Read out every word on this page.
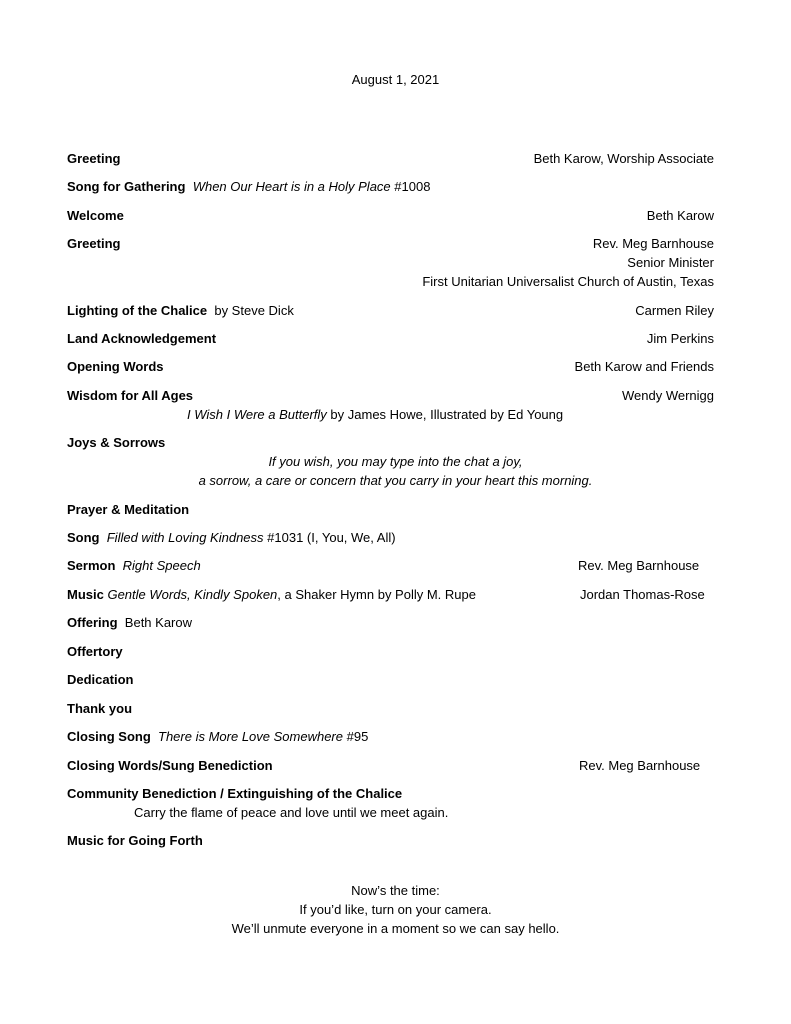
August 1, 2021
Greeting	Beth Karow, Worship Associate
Song for Gathering When Our Heart is in a Holy Place #1008
Welcome	Beth Karow
Greeting	Rev. Meg Barnhouse
Senior Minister
First Unitarian Universalist Church of Austin, Texas
Lighting of the Chalice by Steve Dick	Carmen Riley
Land Acknowledgement	Jim Perkins
Opening Words	Beth Karow and Friends
Wisdom for All Ages	Wendy Wernigg
I Wish I Were a Butterfly by James Howe, Illustrated by Ed Young
Joys & Sorrows
If you wish, you may type into the chat a joy,
a sorrow, a care or concern that you carry in your heart this morning.
Prayer & Meditation
Song Filled with Loving Kindness #1031 (I, You, We, All)
Sermon Right Speech	Rev. Meg Barnhouse
Music Gentle Words, Kindly Spoken, a Shaker Hymn by Polly M. Rupe	Jordan Thomas-Rose
Offering Beth Karow
Offertory
Dedication
Thank you
Closing Song There is More Love Somewhere #95
Closing Words/Sung Benediction	Rev. Meg Barnhouse
Community Benediction / Extinguishing of the Chalice
Carry the flame of peace and love until we meet again.
Music for Going Forth
Now’s the time:
If you’d like, turn on your camera.
We’ll unmute everyone in a moment so we can say hello.
